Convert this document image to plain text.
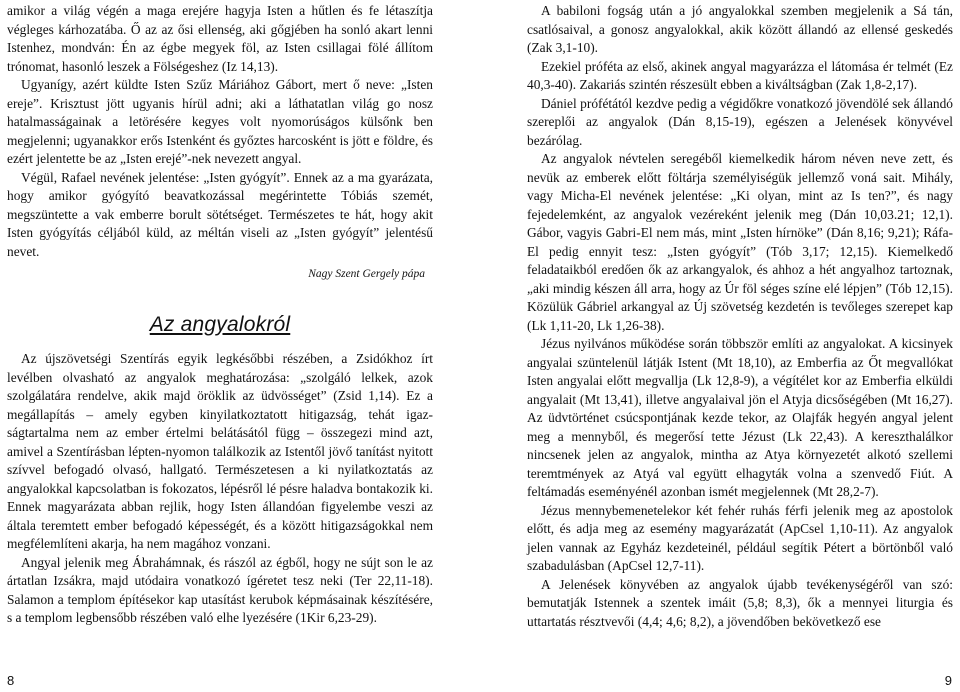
amikor a világ végén a maga erejére hagyja Isten a hűtlen és fe létaszítja végleges kárhozatába. Ő az az ősi ellenség, aki gőgjében ha sonló akart lenni Istenhez, mondván: Én az égbe megyek föl, az Isten csillagai fölé állítom trónomat, hasonló leszek a Fölségeshez (Iz 14,13).

Ugyanígy, azért küldte Isten Szűz Máriához Gábort, mert ő neve: „Isten ereje”. Krisztust jött ugyanis hírül adni; aki a láthatatlan világ go nosz hatalmasságainak a letörésére kegyes volt nyomorúságos külsőnk ben megjelenni; ugyanakkor erős Istenként és győztes harcosként is jött e földre, és ezért jelentette be az „Isten erejé”-nek nevezett angyal.

Végül, Rafael nevének jelentése: „Isten gyógyít”. Ennek az a ma gyarázata, hogy amikor gyógyító beavatkozással megérintette Tóbiás szemét, megszüntette a vak emberre borult sötétséget. Természetes te hát, hogy akit Isten gyógyítás céljából küld, az méltán viseli az „Isten gyógyít” jelentésű nevet.

Nagy Szent Gergely pápa

Az angyalokról

Az újszövetségi Szentírás egyik legkésőbbi részében, a Zsidókhoz írt levélben olvasható az angyalok meghatározása: „szolgáló lelkek, azok szolgálatára rendelve, akik majd öröklik az üdvösséget” (Zsid 1,14). Ez a megállapítás – amely egyben kinyilatkoztatott hitigazság, tehát igaz ságtartalma nem az ember értelmi belátásától függ – összegezi mind azt, amivel a Szentírásban lépten-nyomon találkozik az Istentől jövő tanítást nyitott szívvel befogadó olvasó, hallgató. Természetesen a ki nyilatkoztatás az angyalokkal kapcsolatban is fokozatos, lépésről lé pésre haladva bontakozik ki. Ennek magyarázata abban rejlik, hogy Isten állandóan figyelembe veszi az általa teremtett ember befogadó képességét, és a között hitigazságokkal nem megfélemlíteni akarja, ha nem magához vonzani.

Angyal jelenik meg Ábrahámnak, és rászól az égből, hogy ne sújt son le az ártatlan Izsákra, majd utódaira vonatkozó ígéretet tesz neki (Ter 22,11-18). Salamon a templom építésekor kap utasítást kerubok képmásainak készítésére, s a templom legbensőbb részében való elhe lyezésére (1Kir 6,23-29).

A babiloni fogság után a jó angyalokkal szemben megjelenik a Sá tán, csatlósaival, a gonosz angyalokkal, akik között állandó az ellensé geskedés (Zak 3,1-10).

Ezekiel próféta az első, akinek angyal magyarázza el látomása ér telmét (Ez 40,3-40). Zakariás szintén részesült ebben a kiváltságban (Zak 1,8-2,17).

Dániel prófétától kezdve pedig a végidőkre vonatkozó jövendölé sek állandó szereplői az angyalok (Dán 8,15-19), egészen a Jelenések könyvével bezárólag.

Az angyalok névtelen seregéből kiemelkedik három néven neve zett, és nevük az emberek előtt föltárja személyiségük jellemző voná sait. Mihály, vagy Micha-El nevének jelentése: „Ki olyan, mint az Is ten?”, és nagy fejedelemként, az angyalok vezéreként jelenik meg (Dán 10,03.21; 12,1). Gábor, vagyis Gabri-El nem más, mint „Isten hírnöke” (Dán 8,16; 9,21); Ráfa-El pedig ennyit tesz: „Isten gyógyít” (Tób 3,17; 12,15). Kiemelkedő feladataikból eredően ők az arkangyalok, és ahhoz a hét angyalhoz tartoznak, „aki mindig készen áll arra, hogy az Úr föl séges színe elé lépjen” (Tób 12,15). Közülük Gábriel arkangyal az Új szövetség kezdetén is tevőleges szerepet kap (Lk 1,11-20, Lk 1,26-38).

Jézus nyilvános működése során többször említi az angyalokat. A kicsinyek angyalai szüntelenül látják Istent (Mt 18,10), az Emberfia az Őt megvallókat Isten angyalai előtt megvallja (Lk 12,8-9), a végítélet kor az Emberfia elküldi angyalait (Mt 13,41), illetve angyalaival jön el Atyja dicsőségében (Mt 16,27). Az üdvtörténet csúcspontjának kezde tekor, az Olajfák hegyén angyal jelent meg a mennyből, és megerősí tette Jézust (Lk 22,43). A kereszthalálkor nincsenek jelen az angyalok, mintha az Atya környezetét alkotó szellemi teremtmények az Atyá val együtt elhagyták volna a szenvedő Fiút. A feltámadás eseményénél azonban ismét megjelennek (Mt 28,2-7).

Jézus mennybemenetelekor két fehér ruhás férfi jelenik meg az apostolok előtt, és adja meg az esemény magyarázatát (ApCsel 1,10-11). Az angyalok jelen vannak az Egyház kezdeteinél, például segítik Pétert a börtönből való szabadulásban (ApCsel 12,7-11).

A Jelenések könyvében az angyalok újabb tevékenységéről van szó: bemutatják Istennek a szentek imáit (5,8; 8,3), ők a mennyei liturgia és uttartatás résztvevői (4,4; 4,6; 8,2), a jövendőben bekövetkező ese

8	9
